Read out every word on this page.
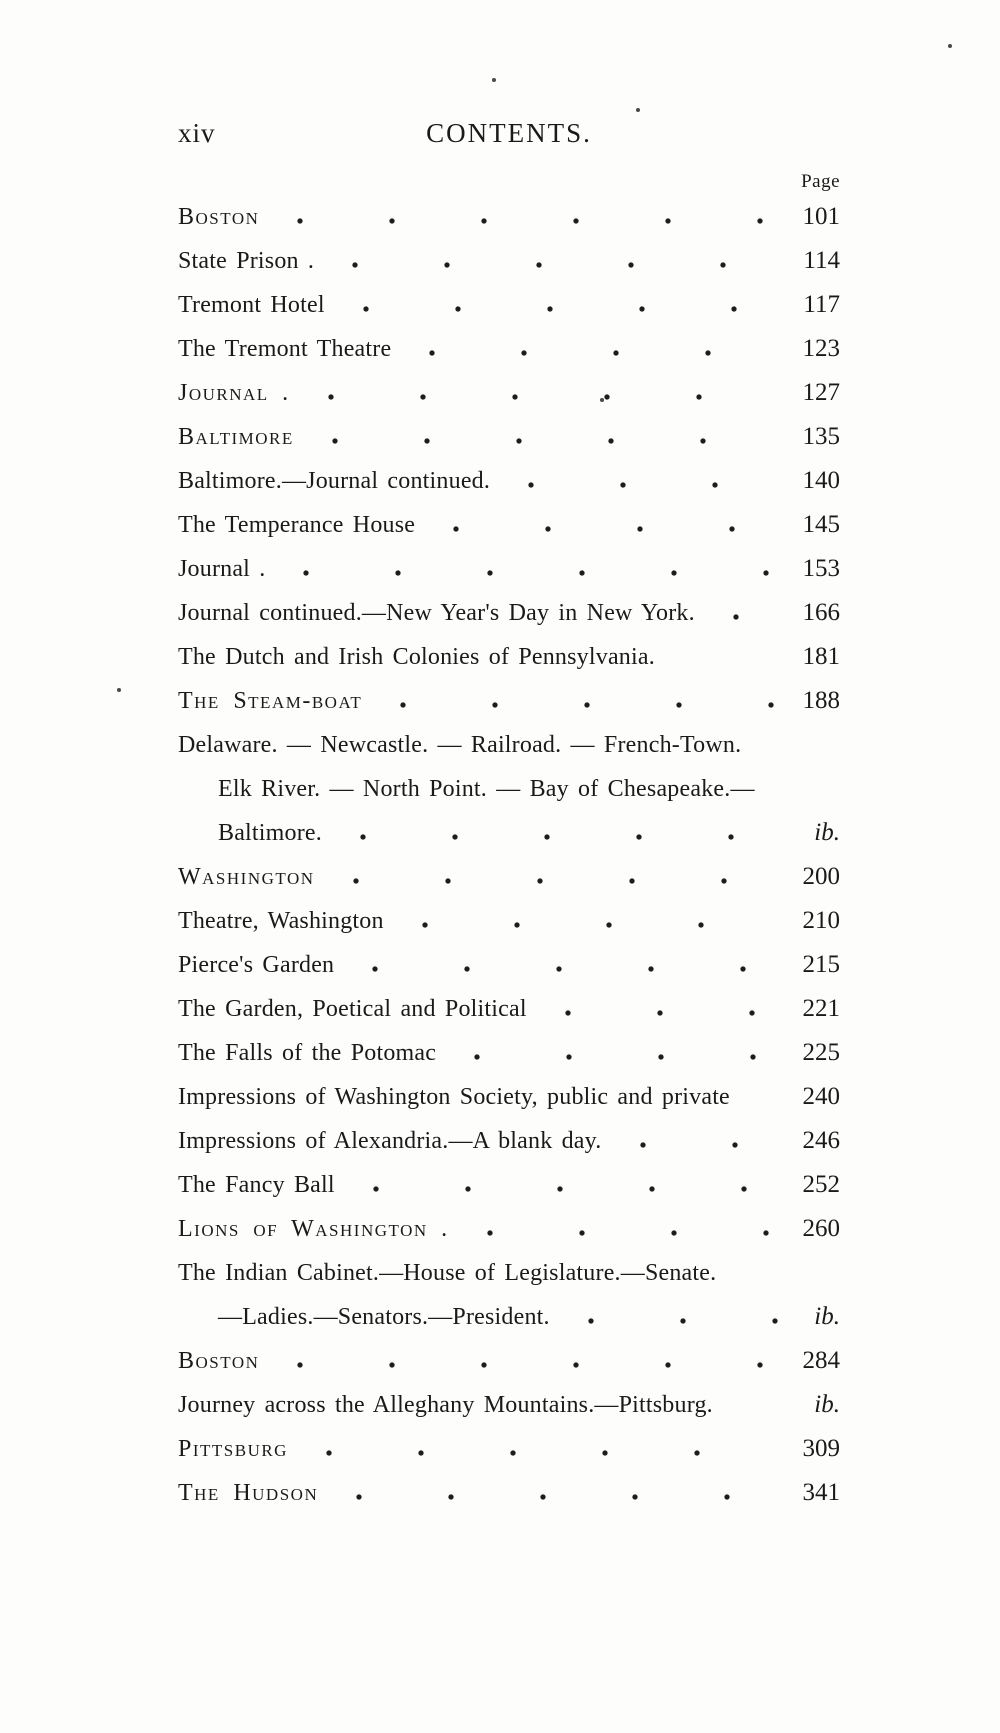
xiv	CONTENTS.
Page
Boston	101
State Prison .	114
Tremont Hotel	117
The Tremont Theatre	123
Journal .	127
Baltimore	135
Baltimore.—Journal continued.	140
The Temperance House	145
Journal .	153
Journal continued.—New Year's Day in New York.	166
The Dutch and Irish Colonies of Pennsylvania.	181
The Steam-boat	188
Delaware. — Newcastle. — Railroad. — French-Town.
Elk River. — North Point. — Bay of Chesapeake.—
Baltimore.	ib.
Washington	200
Theatre, Washington	210
Pierce's Garden	215
The Garden, Poetical and Political	221
The Falls of the Potomac	225
Impressions of Washington Society, public and private	240
Impressions of Alexandria.—A blank day.	246
The Fancy Ball	252
Lions of Washington .	260
The Indian Cabinet.—House of Legislature.—Senate.
—Ladies.—Senators.—President.	ib.
Boston	284
Journey across the Alleghany Mountains.—Pittsburg.	ib.
Pittsburg	309
The Hudson	341
